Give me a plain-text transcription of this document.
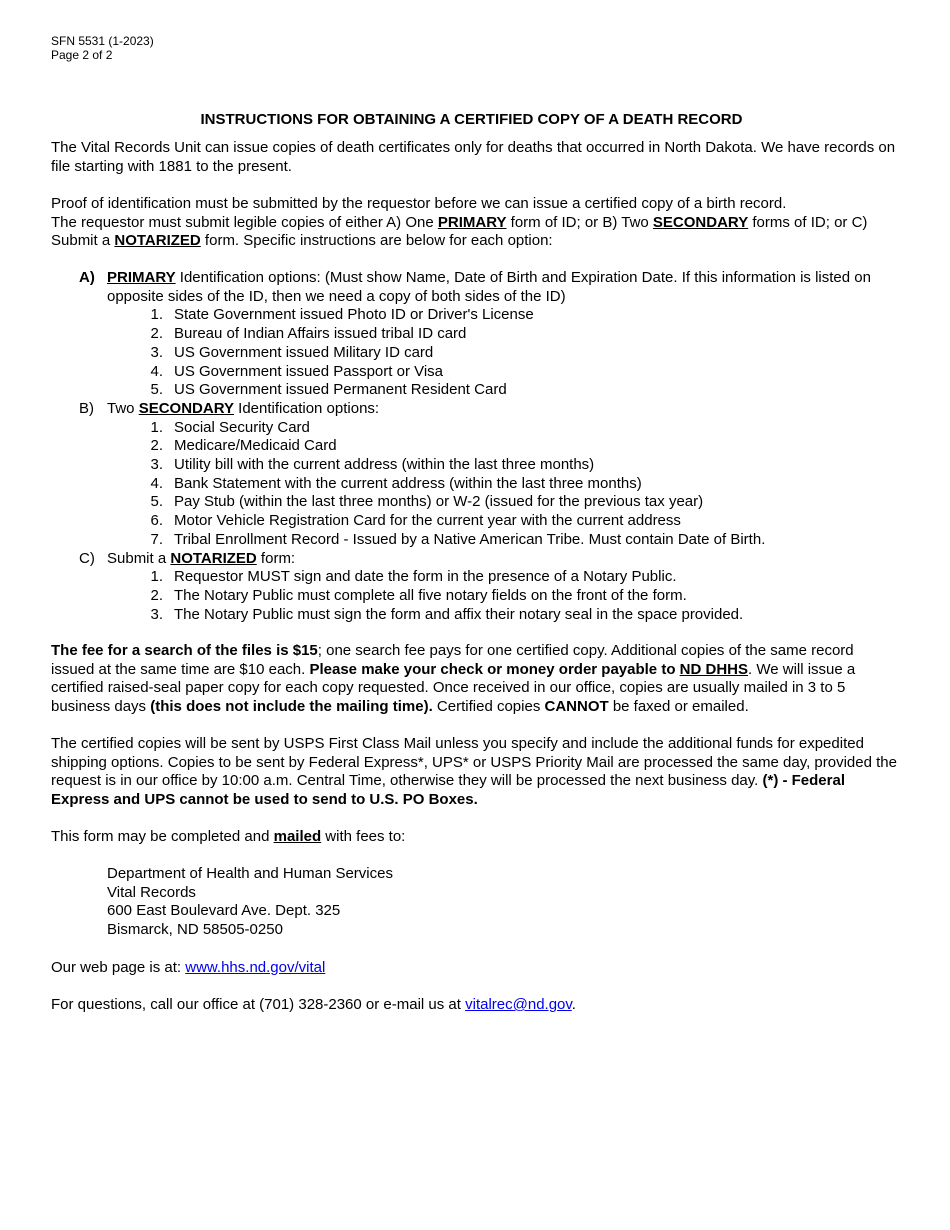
SFN 5531 (1-2023)
Page 2 of 2
INSTRUCTIONS FOR OBTAINING A CERTIFIED COPY OF A DEATH RECORD

The Vital Records Unit can issue copies of death certificates only for deaths that occurred in North Dakota. We have records on file starting with 1881 to the present.

Proof of identification must be submitted by the requestor before we can issue a certified copy of a birth record.
The requestor must submit legible copies of either A) One PRIMARY form of ID; or B) Two SECONDARY forms of ID; or C) Submit a NOTARIZED form. Specific instructions are below for each option:

A) PRIMARY Identification options: (Must show Name, Date of Birth and Expiration Date. If this information is listed on opposite sides of the ID, then we need a copy of both sides of the ID)
1. State Government issued Photo ID or Driver's License
2. Bureau of Indian Affairs issued tribal ID card
3. US Government issued Military ID card
4. US Government issued Passport or Visa
5. US Government issued Permanent Resident Card
B) Two SECONDARY Identification options:
1. Social Security Card
2. Medicare/Medicaid Card
3. Utility bill with the current address (within the last three months)
4. Bank Statement with the current address (within the last three months)
5. Pay Stub (within the last three months) or W-2 (issued for the previous tax year)
6. Motor Vehicle Registration Card for the current year with the current address
7. Tribal Enrollment Record - Issued by a Native American Tribe. Must contain Date of Birth.
C) Submit a NOTARIZED form:
1. Requestor MUST sign and date the form in the presence of a Notary Public.
2. The Notary Public must complete all five notary fields on the front of the form.
3. The Notary Public must sign the form and affix their notary seal in the space provided.

The fee for a search of the files is $15; one search fee pays for one certified copy. Additional copies of the same record issued at the same time are $10 each. Please make your check or money order payable to ND DHHS. We will issue a certified raised-seal paper copy for each copy requested. Once received in our office, copies are usually mailed in 3 to 5 business days (this does not include the mailing time). Certified copies CANNOT be faxed or emailed.

The certified copies will be sent by USPS First Class Mail unless you specify and include the additional funds for expedited shipping options. Copies to be sent by Federal Express*, UPS* or USPS Priority Mail are processed the same day, provided the request is in our office by 10:00 a.m. Central Time, otherwise they will be processed the next business day. (*) - Federal Express and UPS cannot be used to send to U.S. PO Boxes.

This form may be completed and mailed with fees to:

Department of Health and Human Services
Vital Records
600 East Boulevard Ave. Dept. 325
Bismarck, ND 58505-0250

Our web page is at: www.hhs.nd.gov/vital

For questions, call our office at (701) 328-2360 or e-mail us at vitalrec@nd.gov.
